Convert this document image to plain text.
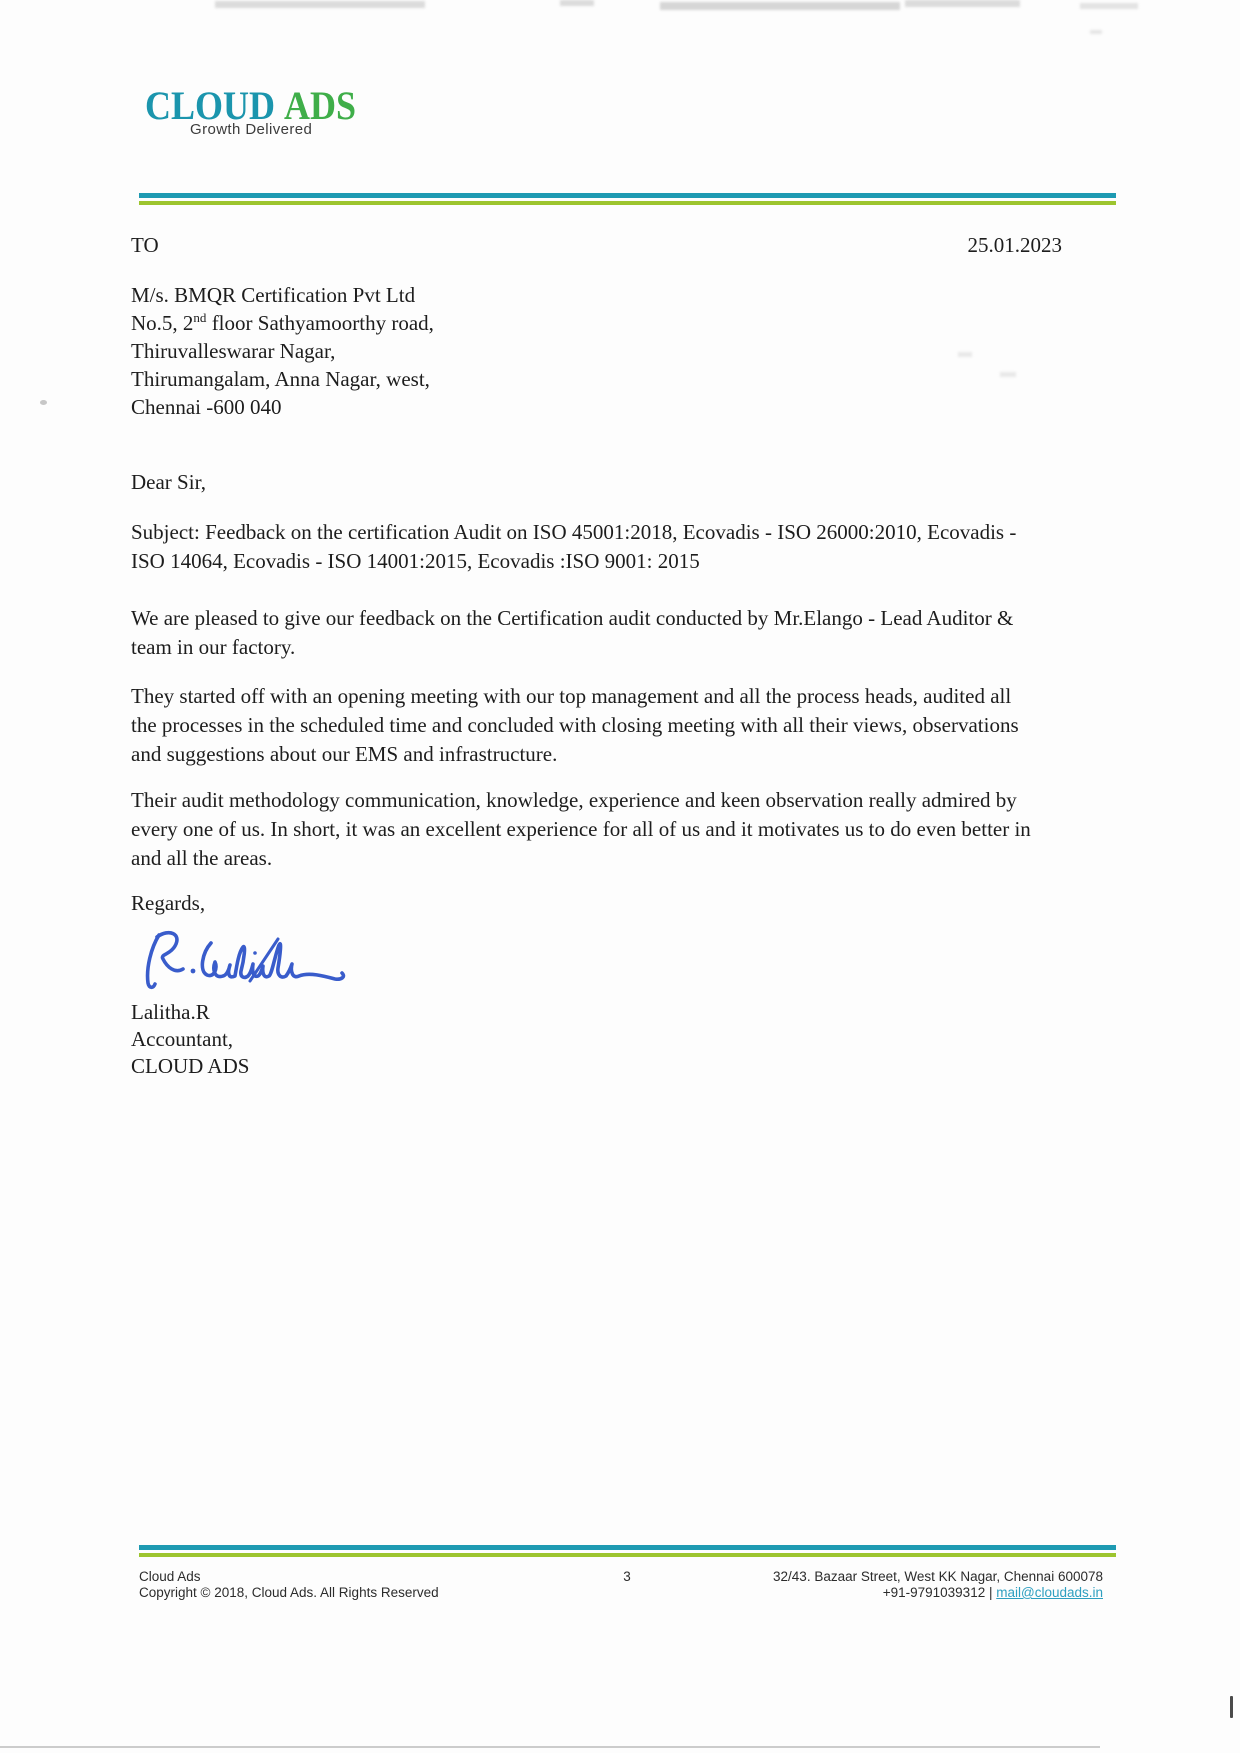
CLOUD ADS
Growth Delivered
TO	25.01.2023
M/s. BMQR Certification Pvt Ltd
No.5, 2nd floor Sathyamoorthy road,
Thiruvalleswarar Nagar,
Thirumangalam, Anna Nagar, west,
Chennai -600 040
Dear Sir,
Subject: Feedback on the certification Audit on ISO 45001:2018, Ecovadis - ISO 26000:2010, Ecovadis -
ISO 14064, Ecovadis - ISO 14001:2015, Ecovadis :ISO 9001: 2015
We are pleased to give our feedback on the Certification audit conducted by Mr.Elango - Lead Auditor & team in our factory.
They started off with an opening meeting with our top management and all the process heads, audited all the processes in the scheduled time and concluded with closing meeting with all their views, observations and suggestions about our EMS and infrastructure.
Their audit methodology communication, knowledge, experience and keen observation really admired by every one of us. In short, it was an excellent experience for all of us and it motivates us to do even better in and all the areas.
Regards,
Lalitha.R
Accountant,
CLOUD ADS
Cloud Ads
Copyright © 2018, Cloud Ads. All Rights Reserved
3	32/43. Bazaar Street, West KK Nagar, Chennai 600078
+91-9791039312 | mail@cloudads.in
